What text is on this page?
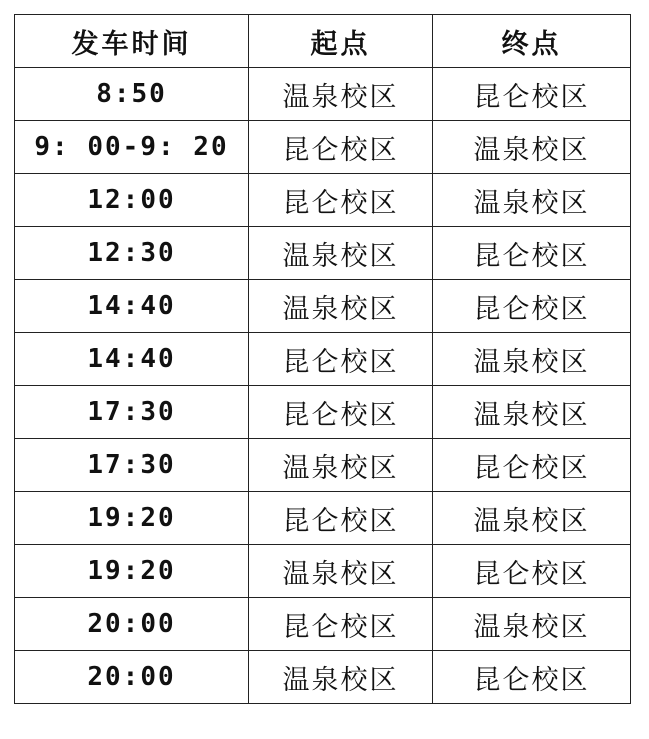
发车时间	起点	终点
8:50	温泉校区	昆仑校区
9: 00-9: 20	昆仑校区	温泉校区
12:00	昆仑校区	温泉校区
12:30	温泉校区	昆仑校区
14:40	温泉校区	昆仑校区
14:40	昆仑校区	温泉校区
17:30	昆仑校区	温泉校区
17:30	温泉校区	昆仑校区
19:20	昆仑校区	温泉校区
19:20	温泉校区	昆仑校区
20:00	昆仑校区	温泉校区
20:00	温泉校区	昆仑校区
